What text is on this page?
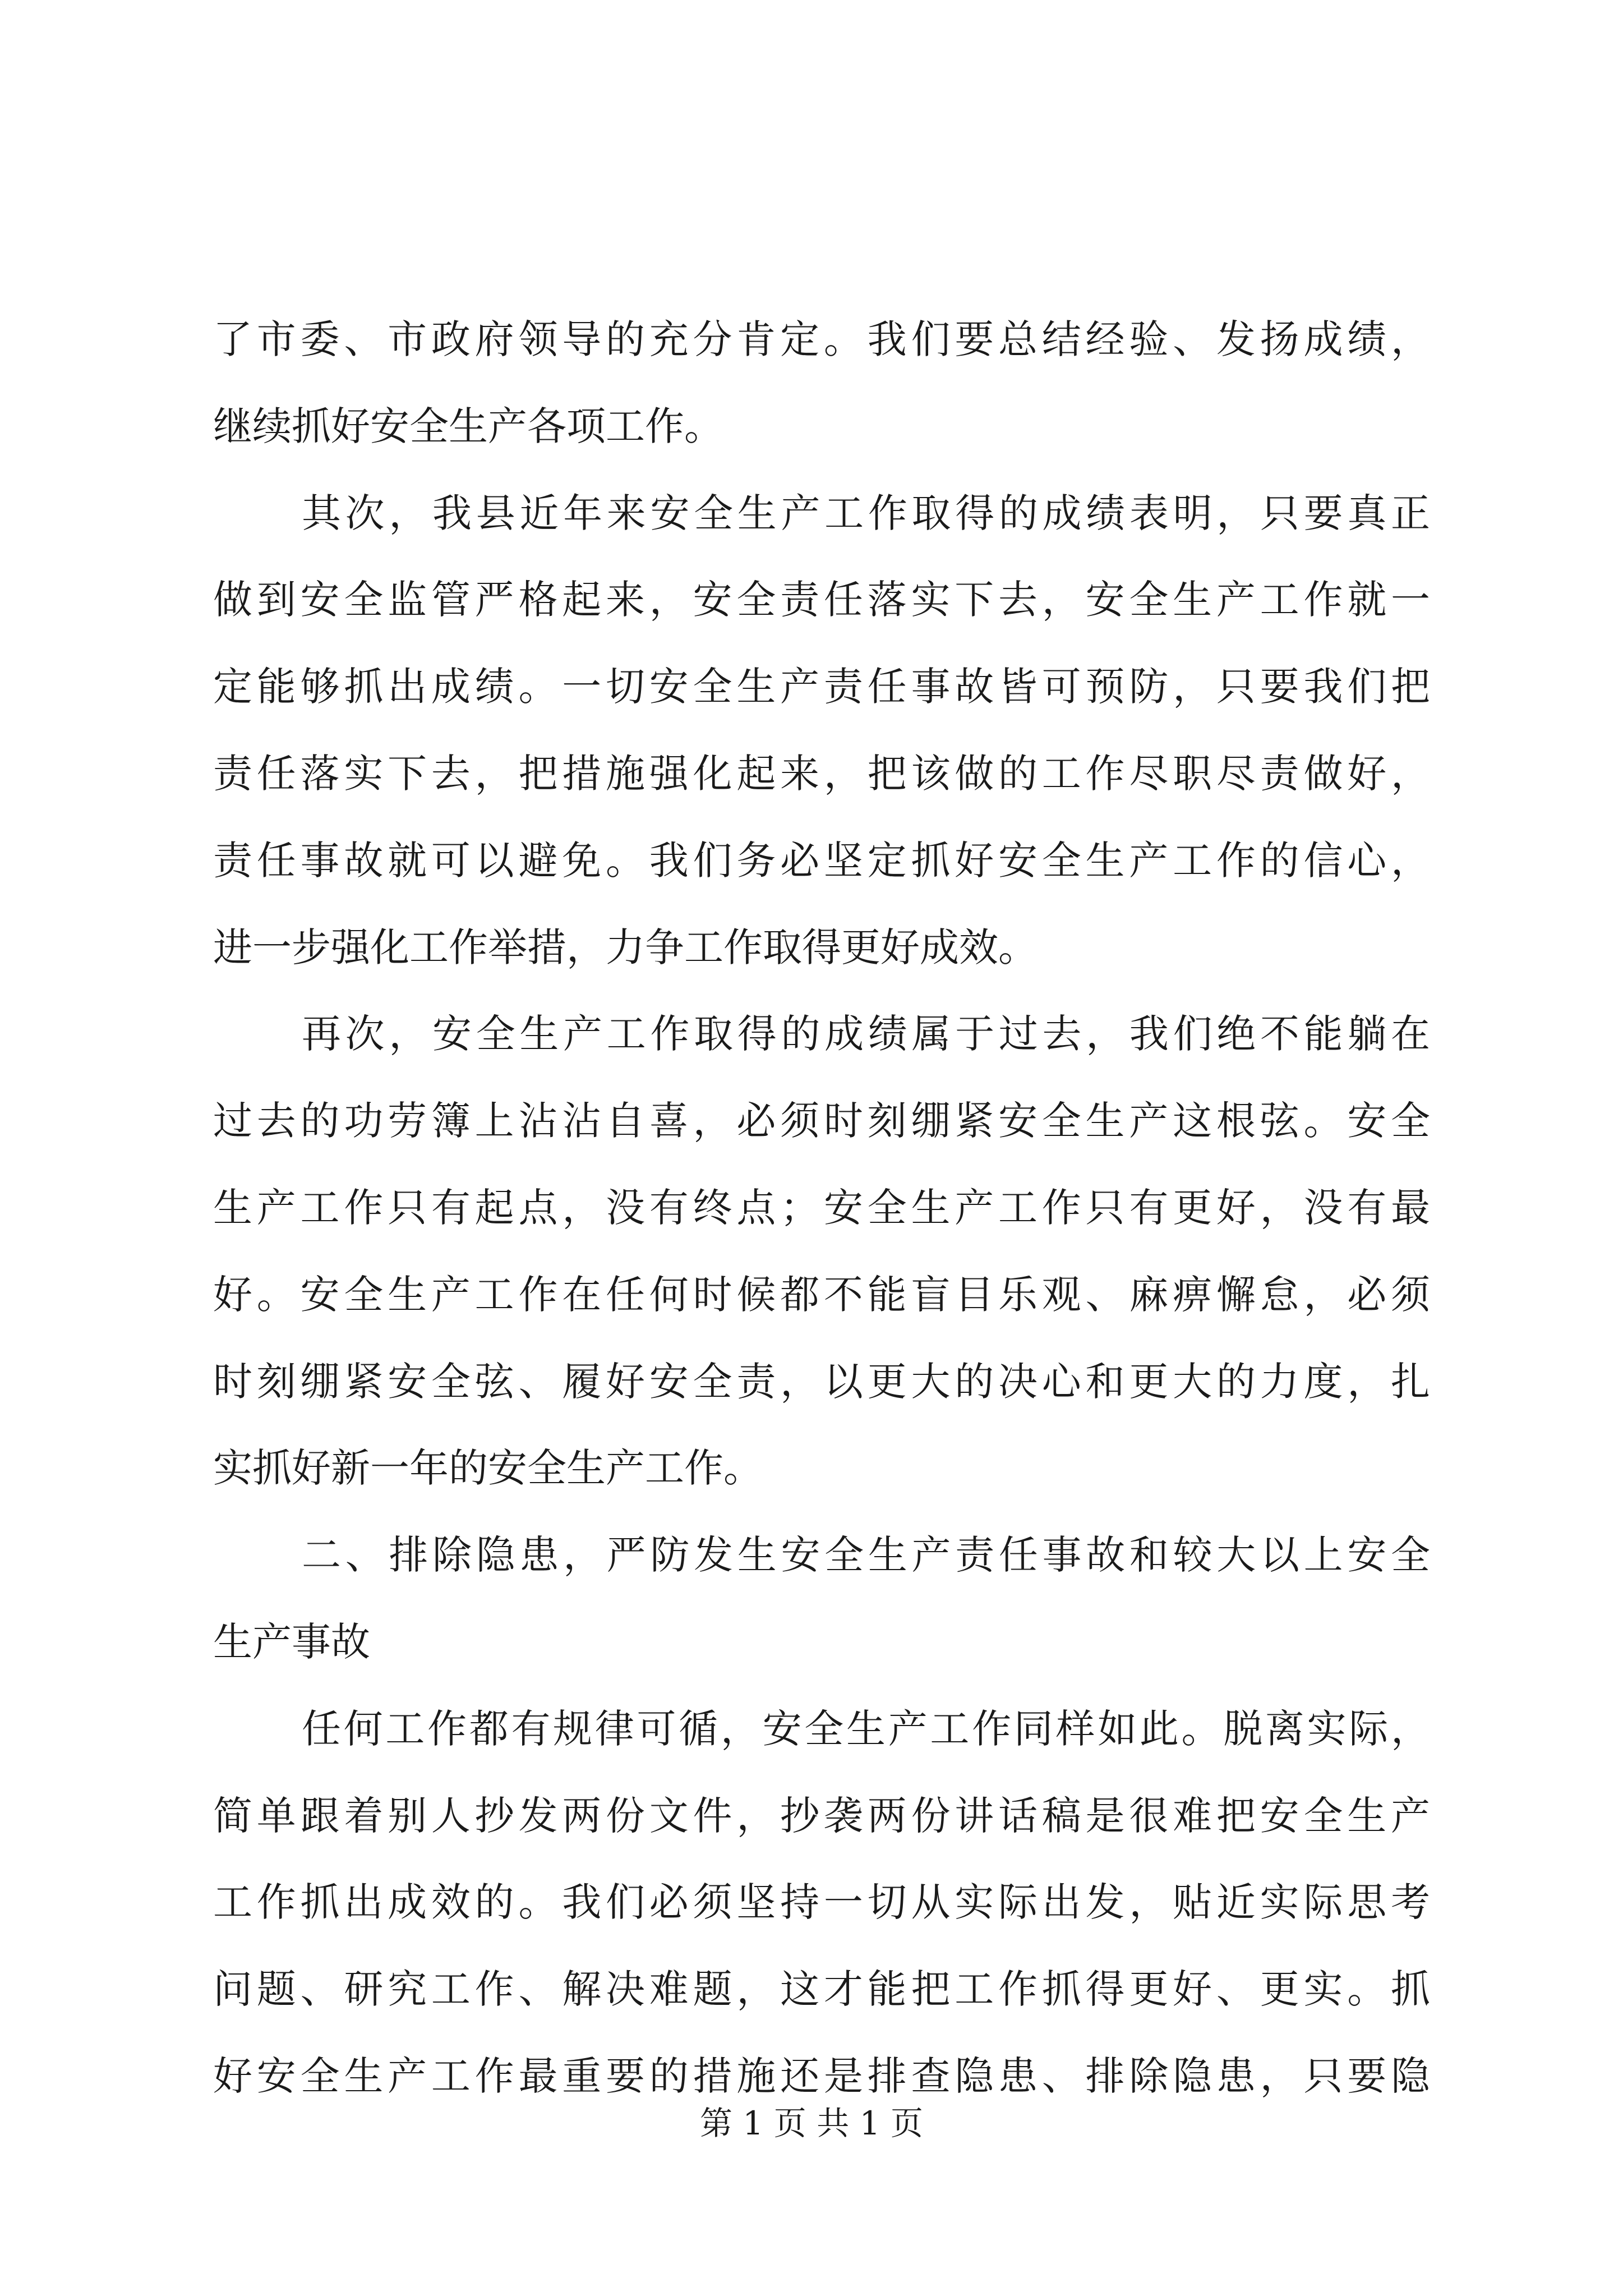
了市委、市政府领导的充分肯定。我们要总结经验、发扬成绩，
继续抓好安全生产各项工作。
其次，我县近年来安全生产工作取得的成绩表明，只要真正
做到安全监管严格起来，安全责任落实下去，安全生产工作就一
定能够抓出成绩。一切安全生产责任事故皆可预防，只要我们把
责任落实下去，把措施强化起来，把该做的工作尽职尽责做好，
责任事故就可以避免。我们务必坚定抓好安全生产工作的信心，
进一步强化工作举措，力争工作取得更好成效。
再次，安全生产工作取得的成绩属于过去，我们绝不能躺在
过去的功劳簿上沾沾自喜，必须时刻绷紧安全生产这根弦。安全
生产工作只有起点，没有终点；安全生产工作只有更好，没有最
好。安全生产工作在任何时候都不能盲目乐观、麻痹懈怠，必须
时刻绷紧安全弦、履好安全责，以更大的决心和更大的力度，扎
实抓好新一年的安全生产工作。
二、排除隐患，严防发生安全生产责任事故和较大以上安全
生产事故
任何工作都有规律可循，安全生产工作同样如此。脱离实际，
简单跟着别人抄发两份文件，抄袭两份讲话稿是很难把安全生产
工作抓出成效的。我们必须坚持一切从实际出发，贴近实际思考
问题、研究工作、解决难题，这才能把工作抓得更好、更实。抓
好安全生产工作最重要的措施还是排查隐患、排除隐患，只要隐
第 1 页 共 1 页
